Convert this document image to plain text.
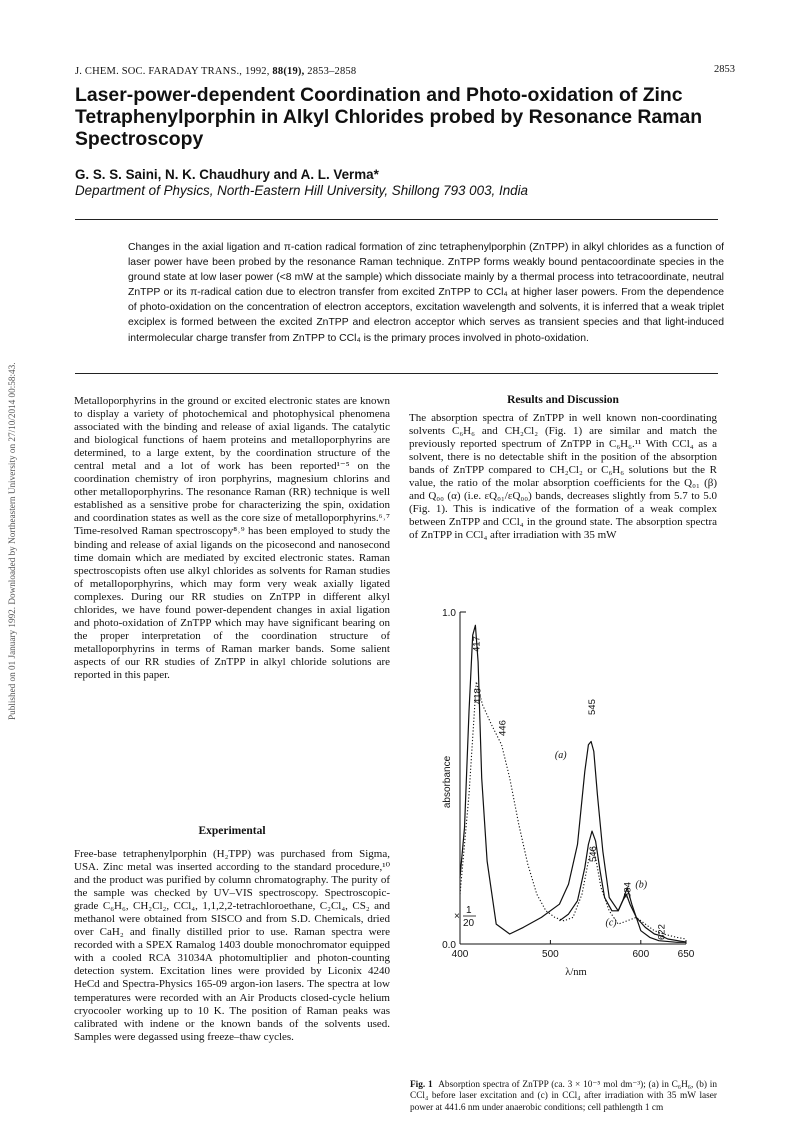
J. CHEM. SOC. FARADAY TRANS., 1992, 88(19), 2853–2858	2853
Laser-power-dependent Coordination and Photo-oxidation of Zinc Tetraphenylporphin in Alkyl Chlorides probed by Resonance Raman Spectroscopy
G. S. S. Saini, N. K. Chaudhury and A. L. Verma*
Department of Physics, North-Eastern Hill University, Shillong 793 003, India
Changes in the axial ligation and π-cation radical formation of zinc tetraphenylporphin (ZnTPP) in alkyl chlorides as a function of laser power have been probed by the resonance Raman technique. ZnTPP forms weakly bound pentacoordinate species in the ground state at low laser power (<8 mW at the sample) which dissociate mainly by a thermal process into tetracoordinate, neutral ZnTPP or its π-radical cation due to electron transfer from excited ZnTPP to CCl₄ at higher laser powers. From the dependence of photo-oxidation on the concentration of electron acceptors, excitation wavelength and solvents, it is inferred that a weak triplet exciplex is formed between the excited ZnTPP and electron acceptor which serves as transient species and that light-induced intermolecular charge transfer from ZnTPP to CCl₄ is the primary proces involved in photo-oxidation.
Published on 01 January 1992. Downloaded by Northeastern University on 27/10/2014 00:58:43.	Metalloporphyrins in the ground or excited electronic states are known to display a variety of photochemical and photophysical phenomena associated with the binding and release of axial ligands. The catalytic and biological functions of haem proteins and metalloporphyrins are determined, to a large extent, by the coordination structure of the central metal and a lot of work has been reported¹⁻⁵ on the coordination chemistry of iron porphyrins, magnesium chlorins and other metalloporphyrins. The resonance Raman (RR) technique is well established as a sensitive probe for characterizing the spin, oxidation and coordination states as well as the core size of metalloporphyrins.⁶˒⁷ Time-resolved Raman spectroscopy⁸˒⁹ has been employed to study the binding and release of axial ligands on the picosecond and nanosecond time domain which are mediated by excited electronic states. Raman spectroscopists often use alkyl chlorides as solvents for Raman studies of metalloporphyrins, which may form very weak axially ligated complexes. During our RR studies on ZnTPP in different alkyl chlorides, we have found power-dependent changes in axial ligation and photo-oxidation of ZnTPP which may have significant bearing on the proper interpretation of the coordination structure of metalloporphyrins in terms of Raman marker bands. Some salient aspects of our RR studies of ZnTPP in alkyl chloride solutions are reported in this paper.
Experimental
Free-base tetraphenylporphin (H₂TPP) was purchased from Sigma, USA. Zinc metal was inserted according to the standard procedure,¹⁰ and the product was purified by column chromatography. The purity of the sample was checked by UV–VIS spectroscopy. Spectroscopic-grade C₆H₆, CH₂Cl₂, CCl₄, 1,1,2,2-tetrachloroethane, C₂Cl₄, CS₂ and methanol were obtained from SISCO and from S.D. Chemicals, dried over CaH₂ and finally distilled prior to use. Raman spectra were recorded with a SPEX Ramalog 1403 double monochromator equipped with a cooled RCA 31034A photomultiplier and photon-counting detection system. Excitation lines were provided by Liconix 4240 HeCd and Spectra-Physics 165-09 argon-ion lasers. The spectra at low temperatures were recorded with an Air Products closed-cycle helium cryocooler working up to 10 K. The position of Raman peaks was calibrated with indene or the known bands of the solvents used. Samples were degassed using freeze–thaw cycles.
Results and Discussion
The absorption spectra of ZnTPP in well known non-coordinating solvents C₆H₆ and CH₂Cl₂ (Fig. 1) are similar and match the previously reported spectrum of ZnTPP in C₆H₆.¹¹ With CCl₄ as a solvent, there is no detectable shift in the position of the absorption bands of ZnTPP compared to CH₂Cl₂ or C₆H₆ solutions but the R value, the ratio of the molar absorption coefficients for the Q₀₁ (β) and Q₀₀ (α) (i.e. εQ₀₁/εQ₀₀) bands, decreases slightly from 5.7 to 5.0 (Fig. 1). This is indicative of the formation of a weak complex between ZnTPP and CCl₄ in the ground state. The absorption spectra of ZnTPP in CCl₄ after irradiation with 35 mW
absorbance
λ/nm
400	500	600	650
0.0
1.0
417
418
446
545
546
584
622
(a)
(b)
(c)
×
1
20
Fig. 1 Absorption spectra of ZnTPP (ca. 3 × 10⁻⁵ mol dm⁻³); (a) in C₆H₆, (b) in CCl₄ before laser excitation and (c) in CCl₄ after irradiation with 35 mW laser power at 441.6 nm under anaerobic conditions; cell pathlength 1 cm
